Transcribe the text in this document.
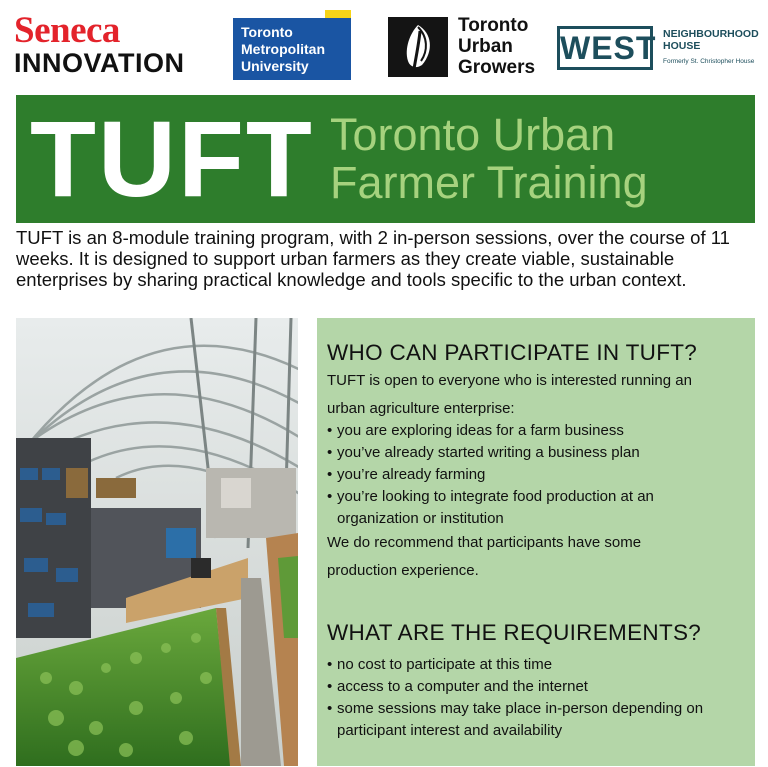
Seneca
INNOVATION
Toronto
Metropolitan
University
Toronto
Urban
Growers
WEST NEIGHBOURHOOD
HOUSE
Formerly St. Christopher House
TUFT Toronto Urban
Farmer Training
TUFT is an 8-module training program, with 2 in-person sessions, over the course of 11 weeks. It is designed to support urban farmers as they create viable, sustainable enterprises by sharing practical knowledge and tools specific to the urban context.
WHO CAN PARTICIPATE IN TUFT?
TUFT is open to everyone who is interested running an
urban agriculture enterprise:
• you are exploring ideas for a farm business
• you’ve already started writing a business plan
• you’re already farming
• you’re looking to integrate food production at an organization or institution
We do recommend that participants have some
production experience.
WHAT ARE THE REQUIREMENTS?
• no cost to participate at this time
• access to a computer and the internet
• some sessions may take place in-person depending on participant interest and availability
